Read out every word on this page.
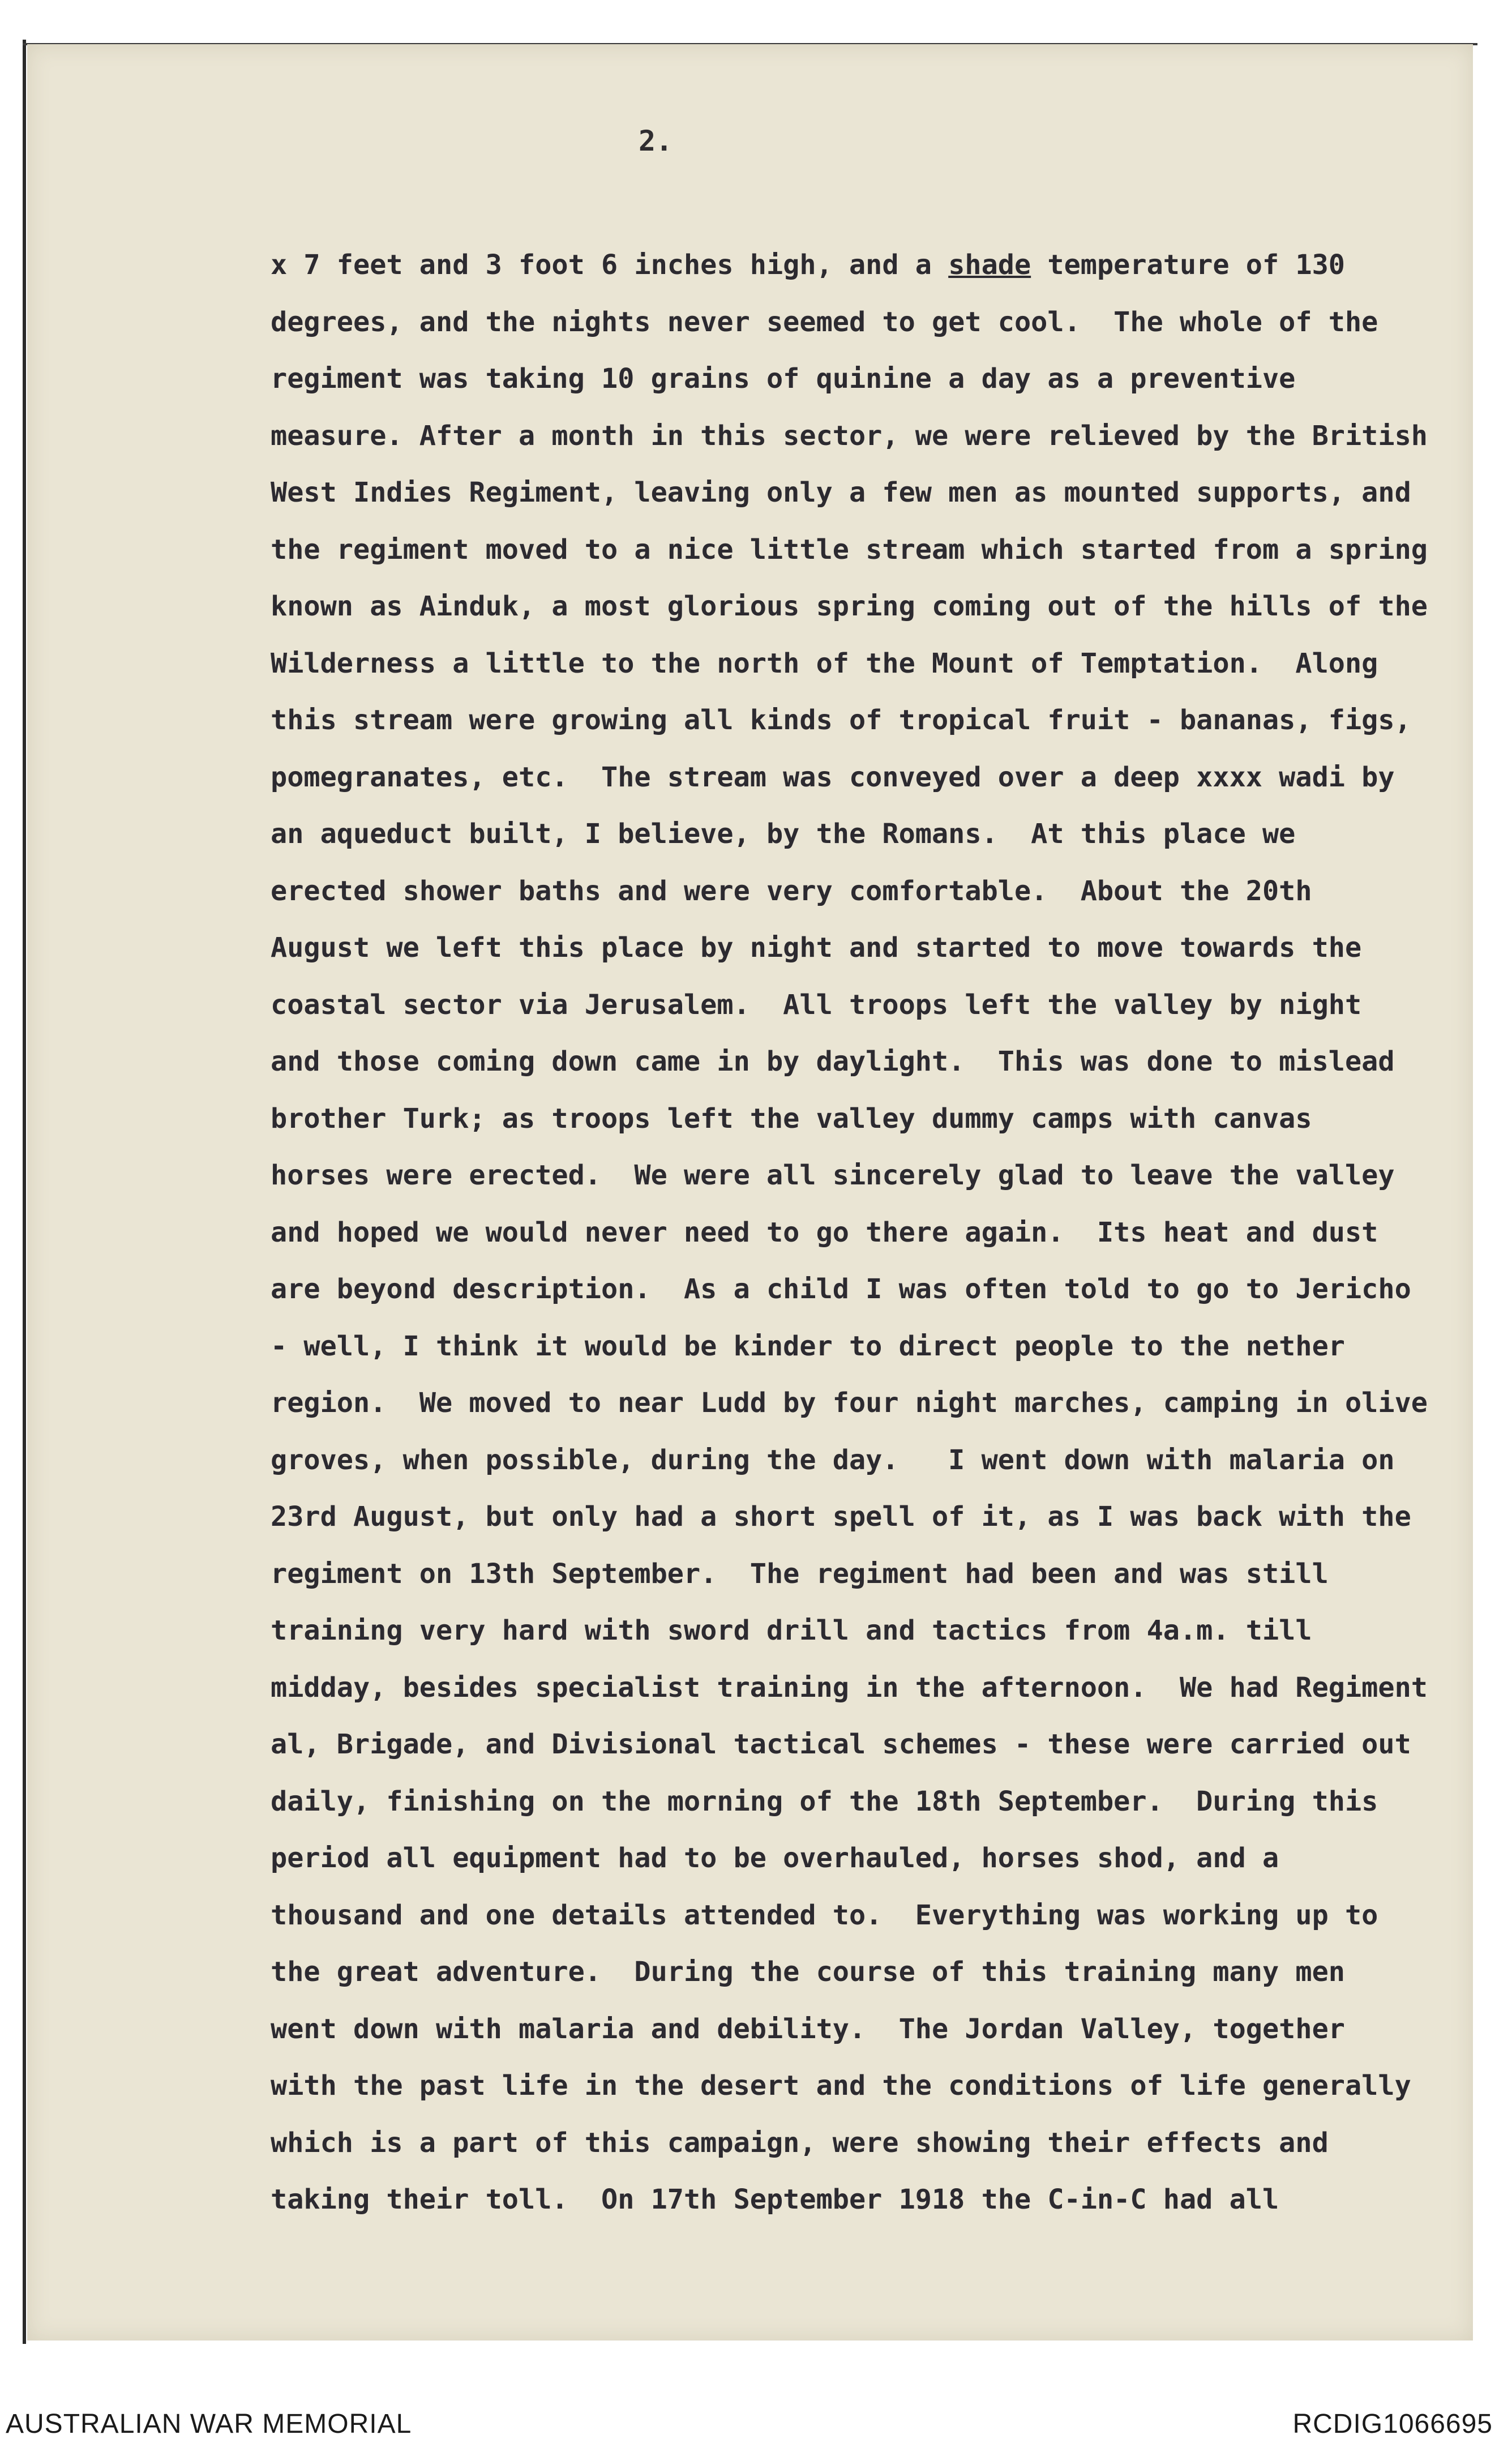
2.
x 7 feet and 3 foot 6 inches high, and a shade temperature of 130
degrees, and the nights never seemed to get cool.  The whole of the
regiment was taking 10 grains of quinine a day as a preventive
measure. After a month in this sector, we were relieved by the British
West Indies Regiment, leaving only a few men as mounted supports, and
the regiment moved to a nice little stream which started from a spring
known as Ainduk, a most glorious spring coming out of the hills of the
Wilderness a little to the north of the Mount of Temptation.  Along
this stream were growing all kinds of tropical fruit - bananas, figs,
pomegranates, etc.  The stream was conveyed over a deep xxxx wadi by
an aqueduct built, I believe, by the Romans.  At this place we
erected shower baths and were very comfortable.  About the 20th
August we left this place by night and started to move towards the
coastal sector via Jerusalem.  All troops left the valley by night
and those coming down came in by daylight.  This was done to mislead
brother Turk; as troops left the valley dummy camps with canvas
horses were erected.  We were all sincerely glad to leave the valley
and hoped we would never need to go there again.  Its heat and dust
are beyond description.  As a child I was often told to go to Jericho
- well, I think it would be kinder to direct people to the nether
region.  We moved to near Ludd by four night marches, camping in olive
groves, when possible, during the day.   I went down with malaria on
23rd August, but only had a short spell of it, as I was back with the
regiment on 13th September.  The regiment had been and was still
training very hard with sword drill and tactics from 4a.m. till
midday, besides specialist training in the afternoon.  We had Regiment
al, Brigade, and Divisional tactical schemes - these were carried out
daily, finishing on the morning of the 18th September.  During this
period all equipment had to be overhauled, horses shod, and a
thousand and one details attended to.  Everything was working up to
the great adventure.  During the course of this training many men
went down with malaria and debility.  The Jordan Valley, together
with the past life in the desert and the conditions of life generally
which is a part of this campaign, were showing their effects and
taking their toll.  On 17th September 1918 the C-in-C had all
AUSTRALIAN WAR MEMORIAL	RCDIG1066695
